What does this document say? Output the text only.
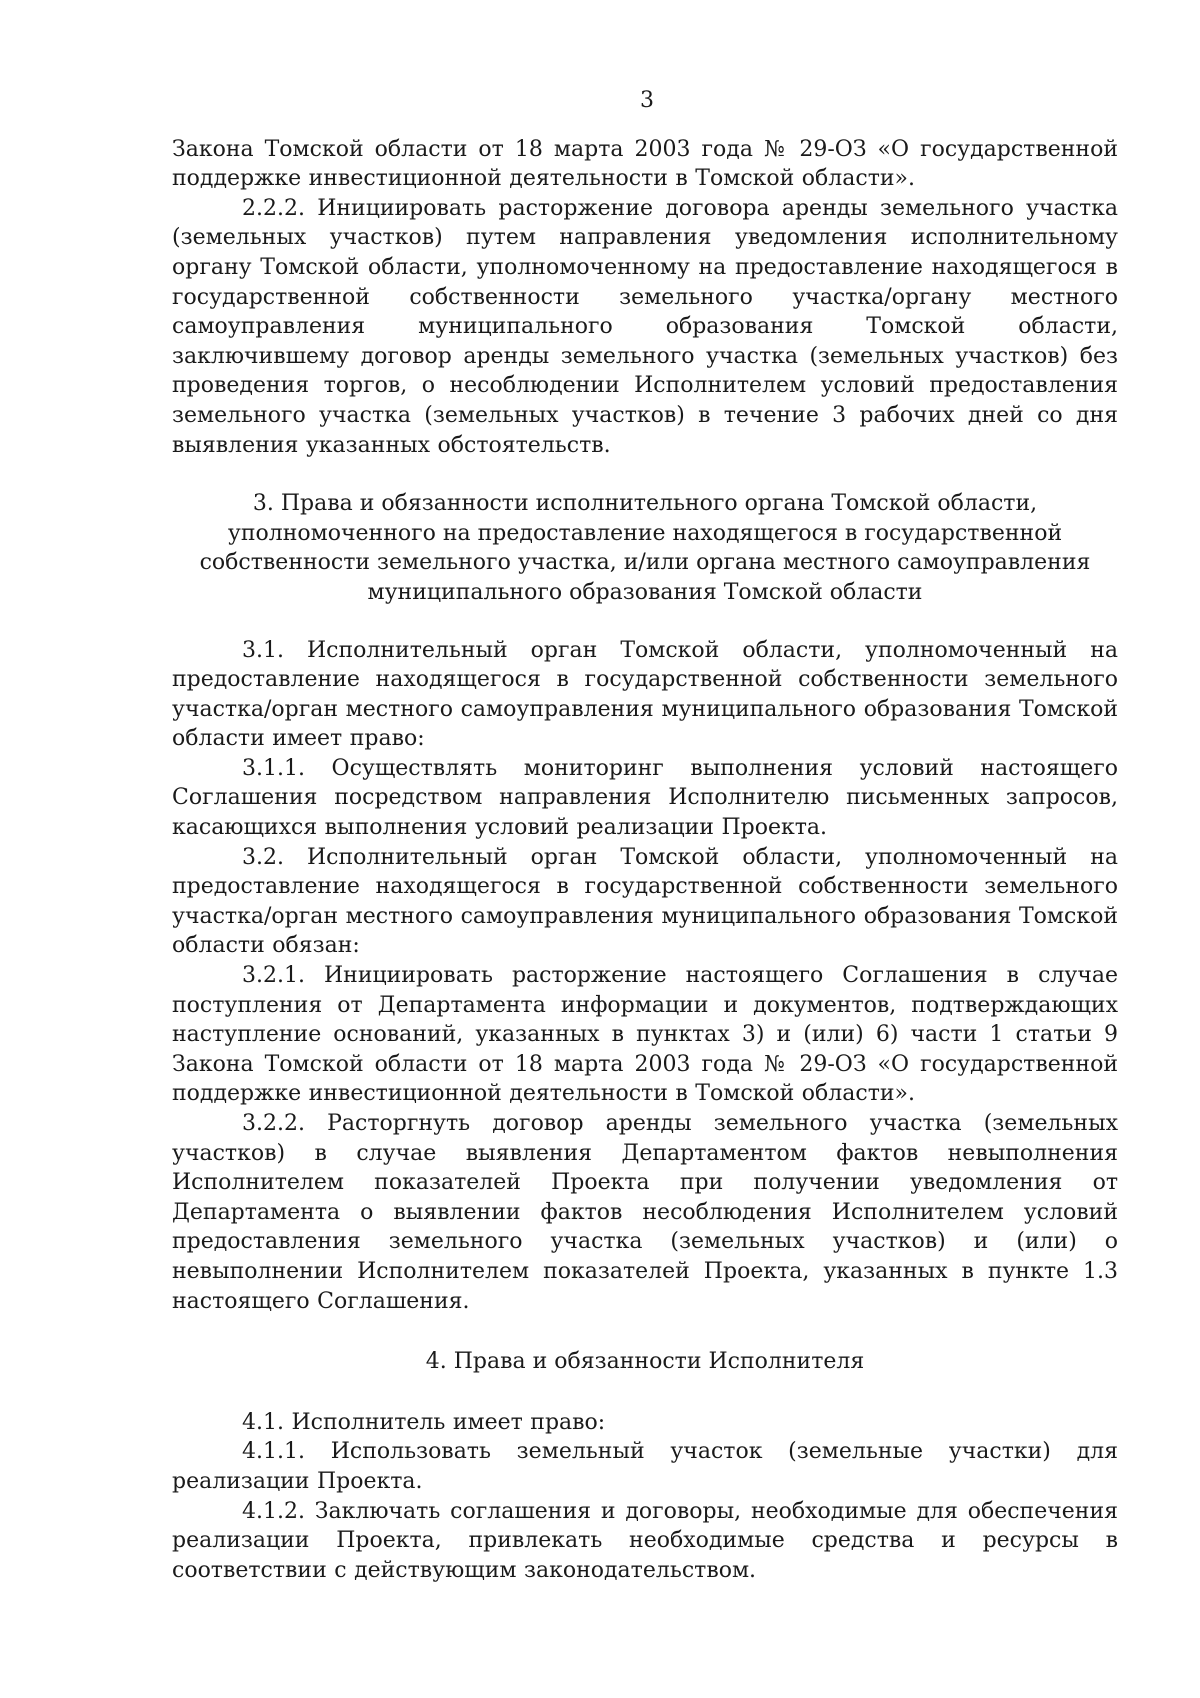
3

Закона Томской области от 18 марта 2003 года № 29-ОЗ «О государственной поддержке инвестиционной деятельности в Томской области».

2.2.2. Инициировать расторжение договора аренды земельного участка (земельных участков) путем направления уведомления исполнительному органу Томской области, уполномоченному на предоставление находящегося в государственной собственности земельного участка/органу местного самоуправления муниципального образования Томской области, заключившему договор аренды земельного участка (земельных участков) без проведения торгов, о несоблюдении Исполнителем условий предоставления земельного участка (земельных участков) в течение 3 рабочих дней со дня выявления указанных обстоятельств.

3. Права и обязанности исполнительного органа Томской области,
уполномоченного на предоставление находящегося в государственной
собственности земельного участка, и/или органа местного самоуправления
муниципального образования Томской области

3.1. Исполнительный орган Томской области, уполномоченный на предоставление находящегося в государственной собственности земельного участка/орган местного самоуправления муниципального образования Томской области имеет право:

3.1.1. Осуществлять мониторинг выполнения условий настоящего Соглашения посредством направления Исполнителю письменных запросов, касающихся выполнения условий реализации Проекта.

3.2. Исполнительный орган Томской области, уполномоченный на предоставление находящегося в государственной собственности земельного участка/орган местного самоуправления муниципального образования Томской области обязан:

3.2.1. Инициировать расторжение настоящего Соглашения в случае поступления от Департамента информации и документов, подтверждающих наступление оснований, указанных в пунктах 3) и (или) 6) части 1 статьи 9 Закона Томской области от 18 марта 2003 года № 29-ОЗ «О государственной поддержке инвестиционной деятельности в Томской области».

3.2.2. Расторгнуть договор аренды земельного участка (земельных участков) в случае выявления Департаментом фактов невыполнения Исполнителем показателей Проекта при получении уведомления от Департамента о выявлении фактов несоблюдения Исполнителем условий предоставления земельного участка (земельных участков) и (или) о невыполнении Исполнителем показателей Проекта, указанных в пункте 1.3 настоящего Соглашения.

4. Права и обязанности Исполнителя

4.1. Исполнитель имеет право:

4.1.1. Использовать земельный участок (земельные участки) для реализации Проекта.

4.1.2. Заключать соглашения и договоры, необходимые для обеспечения реализации Проекта, привлекать необходимые средства и ресурсы в соответствии с действующим законодательством.
